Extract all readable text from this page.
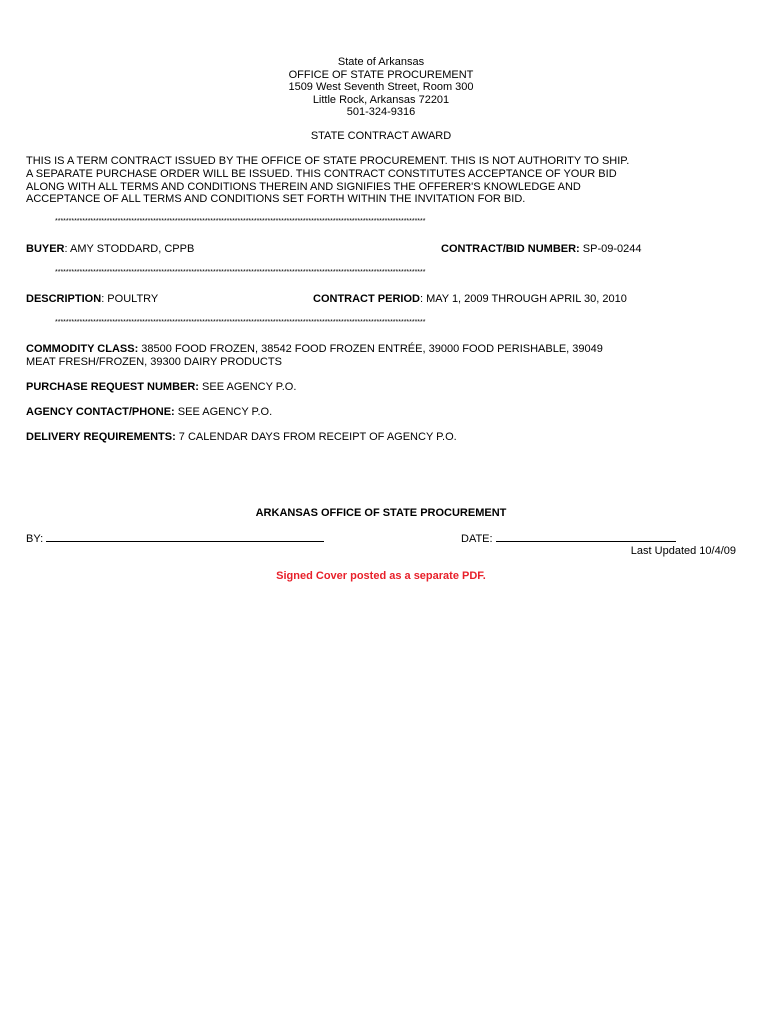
State of Arkansas
OFFICE OF STATE PROCUREMENT
1509 West Seventh Street, Room 300
Little Rock, Arkansas 72201
501-324-9316
STATE CONTRACT AWARD
THIS IS A TERM CONTRACT ISSUED BY THE OFFICE OF STATE PROCUREMENT. THIS IS NOT AUTHORITY TO SHIP.
A SEPARATE PURCHASE ORDER WILL BE ISSUED. THIS CONTRACT CONSTITUTES ACCEPTANCE OF YOUR BID
ALONG WITH ALL TERMS AND CONDITIONS THEREIN AND SIGNIFIES THE OFFERER'S KNOWLEDGE AND
ACCEPTANCE OF ALL TERMS AND CONDITIONS SET FORTH WITHIN THE INVITATION FOR BID.
****************************************************************************************************************************************
BUYER: AMY STODDARD, CPPB	CONTRACT/BID NUMBER: SP-09-0244
****************************************************************************************************************************************
DESCRIPTION: POULTRY	CONTRACT PERIOD: MAY 1, 2009 THROUGH APRIL 30, 2010
****************************************************************************************************************************************
COMMODITY CLASS: 38500 FOOD FROZEN, 38542 FOOD FROZEN ENTRÉE, 39000 FOOD PERISHABLE, 39049
MEAT FRESH/FROZEN, 39300 DAIRY PRODUCTS
PURCHASE REQUEST NUMBER: SEE AGENCY P.O.
AGENCY CONTACT/PHONE: SEE AGENCY P.O.
DELIVERY REQUIREMENTS: 7 CALENDAR DAYS FROM RECEIPT OF AGENCY P.O.
ARKANSAS OFFICE OF STATE PROCUREMENT
BY:	DATE:
Last Updated 10/4/09
Signed Cover posted as a separate PDF.
